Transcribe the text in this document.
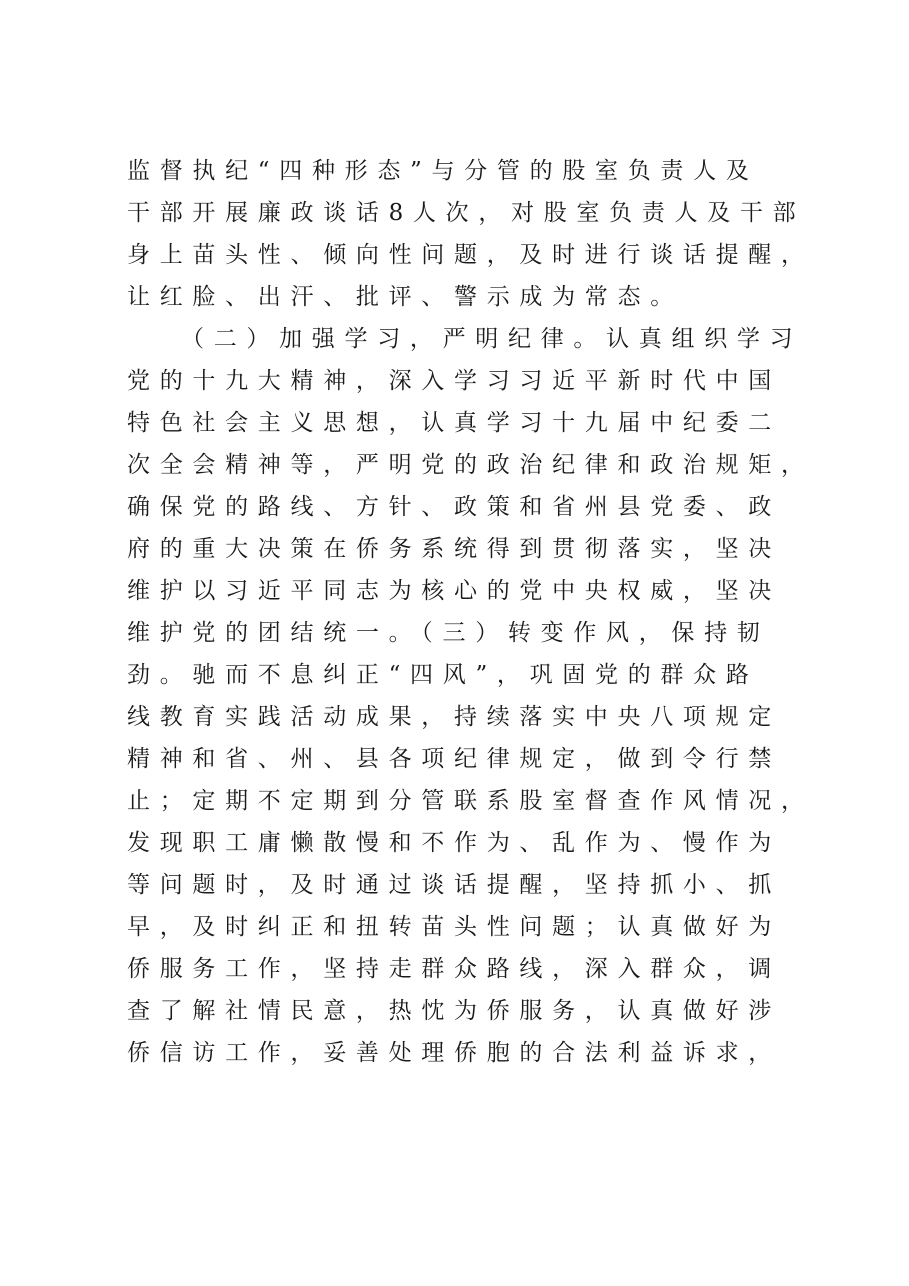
监督执纪“四种形态”与分管的股室负责人及
干部开展廉政谈话8人次，对股室负责人及干部
身上苗头性、倾向性问题，及时进行谈话提醒，
让红脸、出汗、批评、警示成为常态。
（二）加强学习，严明纪律。认真组织学习
党的十九大精神，深入学习习近平新时代中国
特色社会主义思想，认真学习十九届中纪委二
次全会精神等，严明党的政治纪律和政治规矩，
确保党的路线、方针、政策和省州县党委、政
府的重大决策在侨务系统得到贯彻落实，坚决
维护以习近平同志为核心的党中央权威，坚决
维护党的团结统一。（三）转变作风，保持韧
劲。驰而不息纠正“四风”，巩固党的群众路
线教育实践活动成果，持续落实中央八项规定
精神和省、州、县各项纪律规定，做到令行禁
止；定期不定期到分管联系股室督查作风情况，
发现职工庸懒散慢和不作为、乱作为、慢作为
等问题时，及时通过谈话提醒，坚持抓小、抓
早，及时纠正和扭转苗头性问题；认真做好为
侨服务工作，坚持走群众路线，深入群众，调
查了解社情民意，热忱为侨服务，认真做好涉
侨信访工作，妥善处理侨胞的合法利益诉求，
